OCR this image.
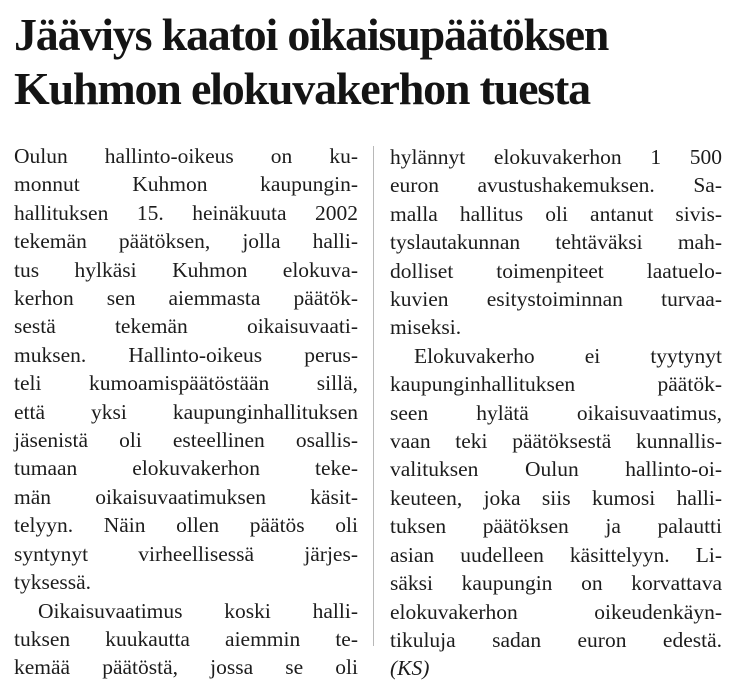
Jääviys kaatoi oikaisupäätöksen
Kuhmon elokuvakerhon tuesta
Oulun hallinto-oikeus on ku-
monnut Kuhmon kaupungin-
hallituksen 15. heinäkuuta 2002
tekemän päätöksen, jolla halli-
tus hylkäsi Kuhmon elokuva-
kerhon sen aiemmasta päätök-
sestä tekemän oikaisuvaati-
muksen. Hallinto-oikeus perus-
teli kumoamispäätöstään sillä,
että yksi kaupunginhallituksen
jäsenistä oli esteellinen osallis-
tumaan elokuvakerhon teke-
män oikaisuvaatimuksen käsit-
telyyn. Näin ollen päätös oli
syntynyt virheellisessä järjes-
tyksessä.
Oikaisuvaatimus koski halli-
tuksen kuukautta aiemmin te-
kemää päätöstä, jossa se oli
hylännyt elokuvakerhon 1 500
euron avustushakemuksen. Sa-
malla hallitus oli antanut sivis-
tyslautakunnan tehtäväksi mah-
dolliset toimenpiteet laatuelo-
kuvien esitystoiminnan turvaa-
miseksi.
Elokuvakerho ei tyytynyt
kaupunginhallituksen päätök-
seen hylätä oikaisuvaatimus,
vaan teki päätöksestä kunnallis-
valituksen Oulun hallinto-oi-
keuteen, joka siis kumosi halli-
tuksen päätöksen ja palautti
asian uudelleen käsittelyyn. Li-
säksi kaupungin on korvattava
elokuvakerhon oikeudenkäyn-
tikuluja sadan euron edestä.
(KS)
